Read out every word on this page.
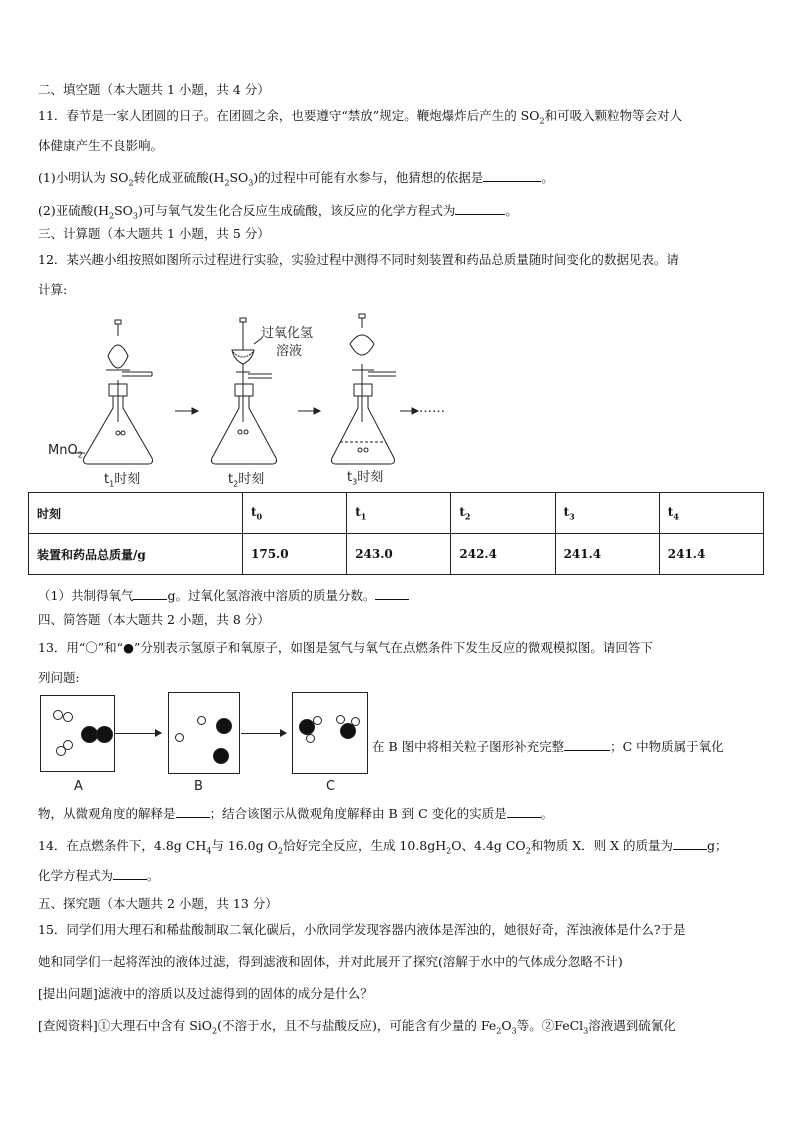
二、填空题（本大题共 1 小题，共 4 分）
11．春节是一家人团圆的日子。在团圆之余，也要遵守“禁放”规定。鞭炮爆炸后产生的 $SO_2$和可吸入颗粒物等会对人
体健康产生不良影响。
(1)小明认为 $SO_2$转化成亚硫酸$(H_2SO_3)$的过程中可能有水参与，他猜想的依据是	。
(2)亚硫酸$(H_2SO_3)$可与氧气发生化合反应生成硫酸，该反应的化学方程式为	。
三、计算题（本大题共 1 小题，共 5 分）
12．某兴趣小组按照如图所示过程进行实验，实验过程中测得不同时刻装置和药品总质量随时间变化的数据见表。请
计算:
过氧化氢
溶液
MnO$_2$
$t_1$时刻	$t_2$时刻	$t_3$时刻
……
时刻	$t_0$	$t_1$	$t_2$	$t_3$	$t_4$
装置和药品总质量/g	175.0	243.0	242.4	241.4	241.4
（1）共制得氧气	g。过氧化氢溶液中溶质的质量分数。
四、简答题（本大题共 2 小题，共 8 分）
13．用“〇”和“●”分别表示氢原子和氧原子，如图是氢气与氧气在点燃条件下发生反应的微观模拟图。请回答下
列问题:
A	B	C
在 B 图中将相关粒子图形补充完整	；C 中物质属于氧化
物，从微观角度的解释是	；结合该图示从微观角度解释由 B 到 C 变化的实质是	。
14．在点燃条件下，4.8g $CH_4$与 16.0g $O_2$恰好完全反应，生成 $10.8gH_2O$、4.4g $CO_2$和物质 X．则 X 的质量为	g；
化学方程式为	。
五、探究题（本大题共 2 小题，共 13 分）
15．同学们用大理石和稀盐酸制取二氧化碳后，小欣同学发现容器内液体是浑浊的，她很好奇，浑浊液体是什么?于是
她和同学们一起将浑浊的液体过滤，得到滤液和固体，并对此展开了探究(溶解于水中的气体成分忽略不计)
[提出问题]滤液中的溶质以及过滤得到的固体的成分是什么？
[查阅资料]①大理石中含有 SiO$_2$(不溶于水，且不与盐酸反应)，可能含有少量的 $Fe_2O_3$等。②FeCl$_3$溶液遇到硫氰化
